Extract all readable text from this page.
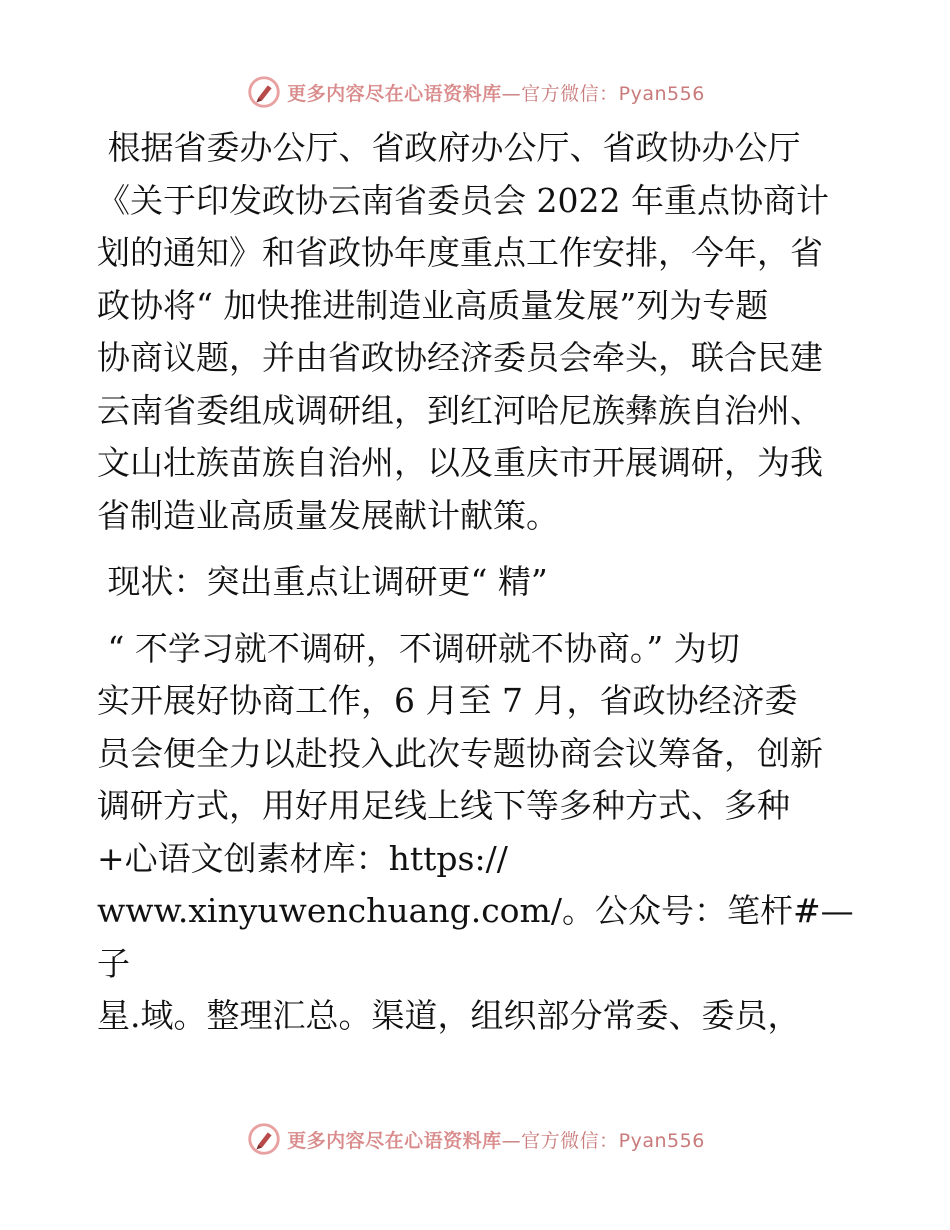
更多内容尽在心语资料库 —官方微信：Pyan556

根据省委办公厅、省政府办公厅、省政协办公厅

《关于印发政协云南省委员会 2022 年重点协商计

划的通知》和省政协年度重点工作安排，今年，省

政协将“ 加快推进制造业高质量发展”列为专题

协商议题，并由省政协经济委员会牵头，联合民建

云南省委组成调研组，到红河哈尼族彝族自治州、

文山壮族苗族自治州，以及重庆市开展调研，为我

省制造业高质量发展献计献策。

现状：突出重点让调研更“ 精”

“ 不学习就不调研，不调研就不协商。” 为切

实开展好协商工作，6 月至 7 月，省政协经济委

员会便全力以赴投入此次专题协商会议筹备，创新

调研方式，用好用足线上线下等多种方式、多种

+心语文创素材库：https://

www.xinyuwenchuang.com/。公众号：笔杆#—子

星.域。整理汇总。渠道，组织部分常委、委员，

更多内容尽在心语资料库 —官方微信：Pyan556
